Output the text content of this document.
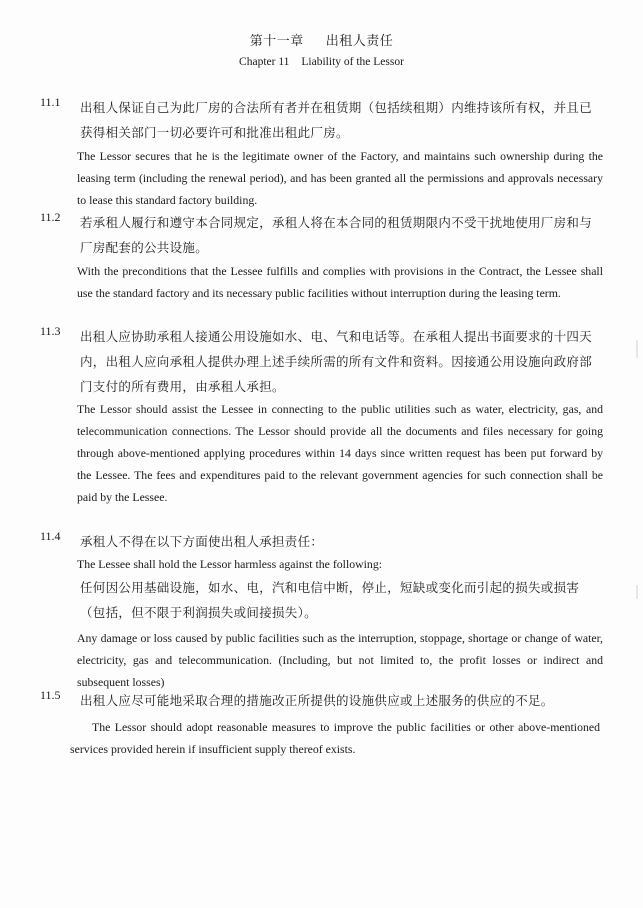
第十一章 出租人责任
Chapter 11 Liability of the Lessor
11.1 出租人保证自己为此厂房的合法所有者并在租赁期（包括续租期）内维持该所有权，并且已获得相关部门一切必要许可和批准出租此厂房。
The Lessor secures that he is the legitimate owner of the Factory, and maintains such ownership during the leasing term (including the renewal period), and has been granted all the permissions and approvals necessary to lease this standard factory building.
11.2 若承租人履行和遵守本合同规定，承租人将在本合同的租赁期限内不受干扰地使用厂房和与厂房配套的公共设施。
With the preconditions that the Lessee fulfills and complies with provisions in the Contract, the Lessee shall use the standard factory and its necessary public facilities without interruption during the leasing term.
11.3 出租人应协助承租人接通公用设施如水、电、气和电话等。在承租人提出书面要求的十四天内，出租人应向承租人提供办理上述手续所需的所有文件和资料。因接通公用设施向政府部门支付的所有费用，由承租人承担。
The Lessor should assist the Lessee in connecting to the public utilities such as water, electricity, gas, and telecommunication connections. The Lessor should provide all the documents and files necessary for going through above-mentioned applying procedures within 14 days since written request has been put forward by the Lessee. The fees and expenditures paid to the relevant government agencies for such connection shall be paid by the Lessee.
11.4 承租人不得在以下方面使出租人承担责任：
The Lessee shall hold the Lessor harmless against the following:
任何因公用基础设施，如水、电，汽和电信中断，停止，短缺或变化而引起的损失或损害（包括，但不限于利润损失或间接损失）。
Any damage or loss caused by public facilities such as the interruption, stoppage, shortage or change of water, electricity, gas and telecommunication. (Including, but not limited to, the profit losses or indirect and subsequent losses)
11.5 出租人应尽可能地采取合理的措施改正所提供的设施供应或上述服务的供应的不足。
The Lessor should adopt reasonable measures to improve the public facilities or other above-mentioned services provided herein if insufficient supply thereof exists.
